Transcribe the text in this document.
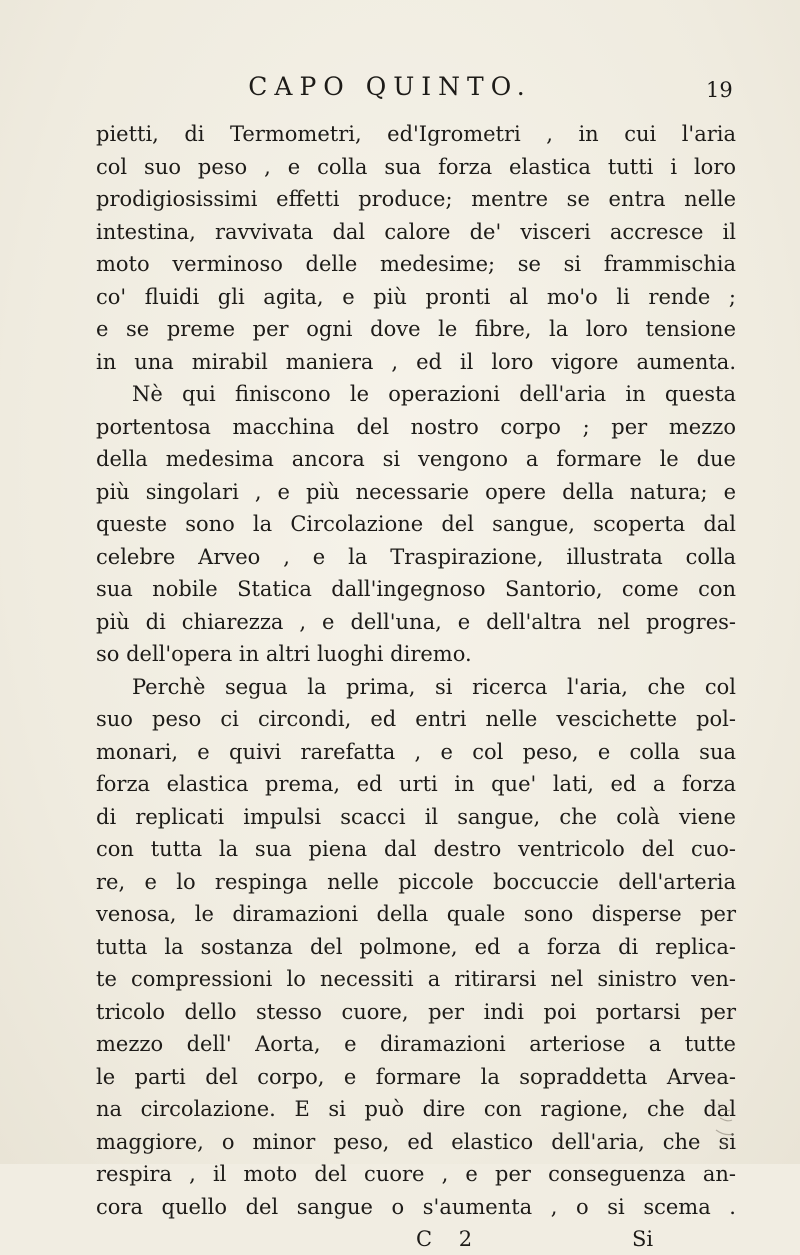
CAPO QUINTO.	19
pietti, di Termometri, ed'Igrometri , in cui l'aria
col suo peso , e colla sua forza elastica tutti i loro
prodigiosissimi effetti produce; mentre se entra nelle
intestina, ravvivata dal calore de' visceri accresce il
moto verminoso delle medesime; se si frammischia
co' fluidi gli agita, e più pronti al mo'o li rende ;
e se preme per ogni dove le fibre, la loro tensione
in una mirabil maniera , ed il loro vigore aumenta.
Nè qui finiscono le operazioni dell'aria in questa
portentosa macchina del nostro corpo ; per mezzo
della medesima ancora si vengono a formare le due
più singolari , e più necessarie opere della natura; e
queste sono la Circolazione del sangue, scoperta dal
celebre Arveo , e la Traspirazione, illustrata colla
sua nobile Statica dall'ingegnoso Santorio, come con
più di chiarezza , e dell'una, e dell'altra nel progres-
so dell'opera in altri luoghi diremo.
Perchè segua la prima, si ricerca l'aria, che col
suo peso ci circondi, ed entri nelle vescichette pol-
monari, e quivi rarefatta , e col peso, e colla sua
forza elastica prema, ed urti in que' lati, ed a forza
di replicati impulsi scacci il sangue, che colà viene
con tutta la sua piena dal destro ventricolo del cuo-
re, e lo respinga nelle piccole boccuccie dell'arteria
venosa, le diramazioni della quale sono disperse per
tutta la sostanza del polmone, ed a forza di replica-
te compressioni lo necessiti a ritirarsi nel sinistro ven-
tricolo dello stesso cuore, per indi poi portarsi per
mezzo dell' Aorta, e diramazioni arteriose a tutte
le parti del corpo, e formare la sopraddetta Arvea-
na circolazione. E si può dire con ragione, che dal
maggiore, o minor peso, ed elastico dell'aria, che si
respira , il moto del cuore , e per conseguenza an-
cora quello del sangue o s'aumenta , o si scema .
C 2	Si
